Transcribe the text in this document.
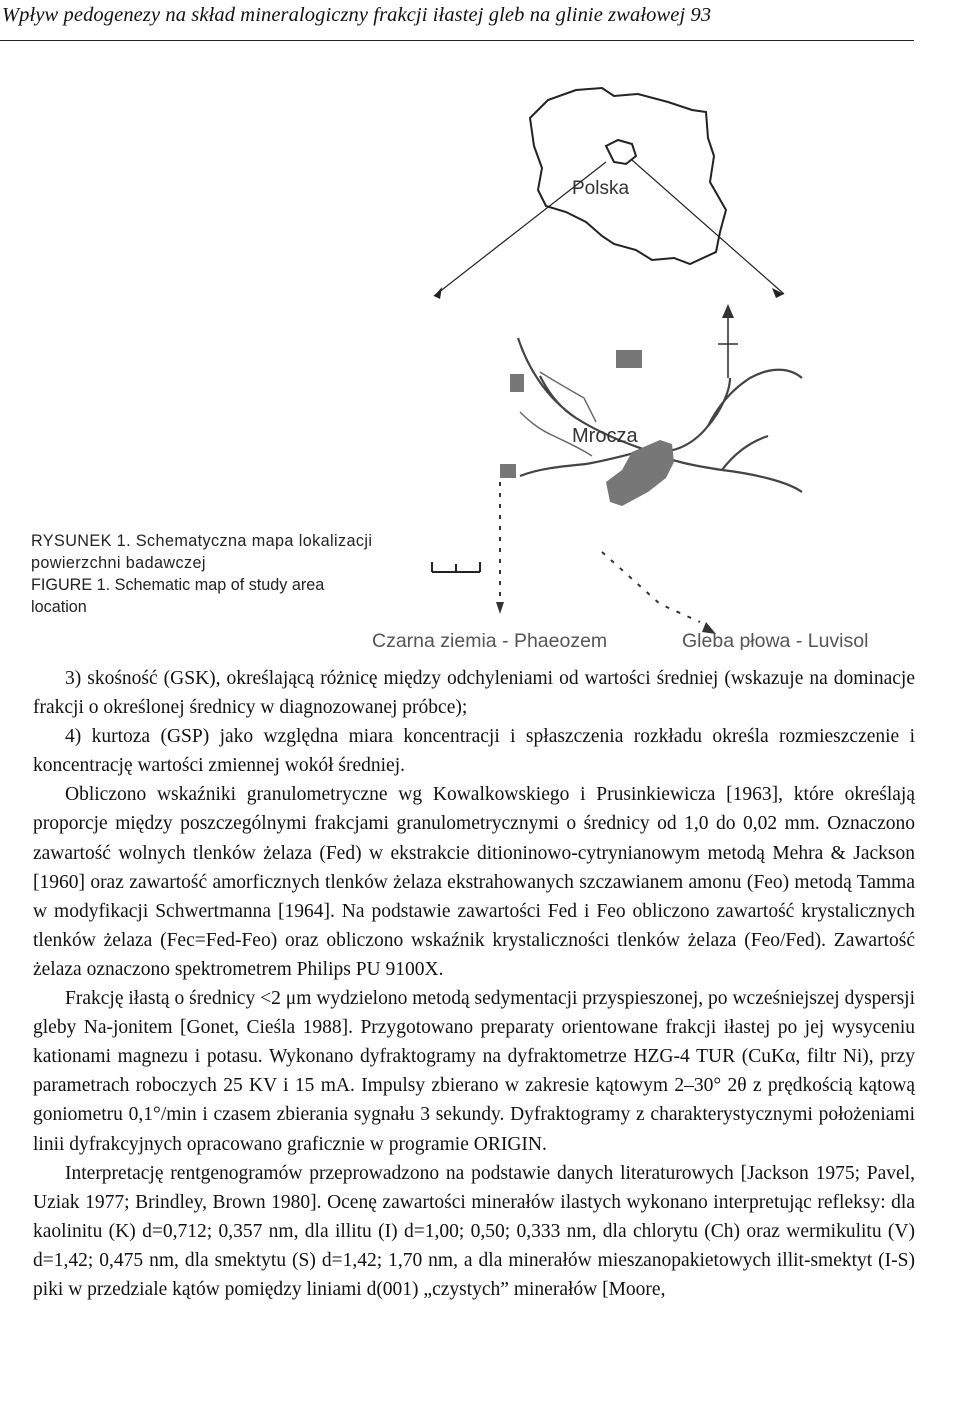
Wpływ pedogenezy na skład mineralogiczny frakcji iłastej gleb na glinie zwałowej 93
Polska
Mrocza
Czarna ziemia - Phaeozem	Gleba płowa - Luvisol
RYSUNEK 1. Schematyczna mapa lokalizacji powierzchni badawczej
FIGURE 1. Schematic map of study area location

3) skośność (GSK), określającą różnicę między odchyleniami od wartości średniej (wskazuje na dominacje frakcji o określonej średnicy w diagnozowanej próbce);

4) kurtoza (GSP) jako względna miara koncentracji i spłaszczenia rozkładu określa rozmieszczenie i koncentrację wartości zmiennej wokół średniej.

Obliczono wskaźniki granulometryczne wg Kowalkowskiego i Prusinkiewicza [1963], które określają proporcje między poszczególnymi frakcjami granulometrycznymi o średnicy od 1,0 do 0,02 mm. Oznaczono zawartość wolnych tlenków żelaza (Fed) w ekstrakcie ditioninowo-cytrynianowym metodą Mehra & Jackson [1960] oraz zawartość amorficznych tlenków żelaza ekstrahowanych szczawianem amonu (Feo) metodą Tamma w modyfikacji Schwertmanna [1964]. Na podstawie zawartości Fed i Feo obliczono zawartość krystalicznych tlenków żelaza (Fec=Fed-Feo) oraz obliczono wskaźnik krystaliczności tlenków żelaza (Feo/Fed). Zawartość żelaza oznaczono spektrometrem Philips PU 9100X.

Frakcję iłastą o średnicy <2 μm wydzielono metodą sedymentacji przyspieszonej, po wcześniejszej dyspersji gleby Na-jonitem [Gonet, Cieśla 1988]. Przygotowano preparaty orientowane frakcji iłastej po jej wysyceniu kationami magnezu i potasu. Wykonano dyfraktogramy na dyfraktometrze HZG-4 TUR (CuKα, filtr Ni), przy parametrach roboczych 25 KV i 15 mA. Impulsy zbierano w zakresie kątowym 2–30° 2θ z prędkością kątową goniometru 0,1°/min i czasem zbierania sygnału 3 sekundy. Dyfraktogramy z charakterystycznymi położeniami linii dyfrakcyjnych opracowano graficznie w programie ORIGIN.

Interpretację rentgenogramów przeprowadzono na podstawie danych literaturowych [Jackson 1975; Pavel, Uziak 1977; Brindley, Brown 1980]. Ocenę zawartości minerałów ilastych wykonano interpretując refleksy: dla kaolinitu (K) d=0,712; 0,357 nm, dla illitu (I) d=1,00; 0,50; 0,333 nm, dla chlorytu (Ch) oraz wermikulitu (V) d=1,42; 0,475 nm, dla smektytu (S) d=1,42; 1,70 nm, a dla minerałów mieszanopakietowych illit-smektyt (I-S) piki w przedziale kątów pomiędzy liniami d(001) „czystych” minerałów [Moore,
